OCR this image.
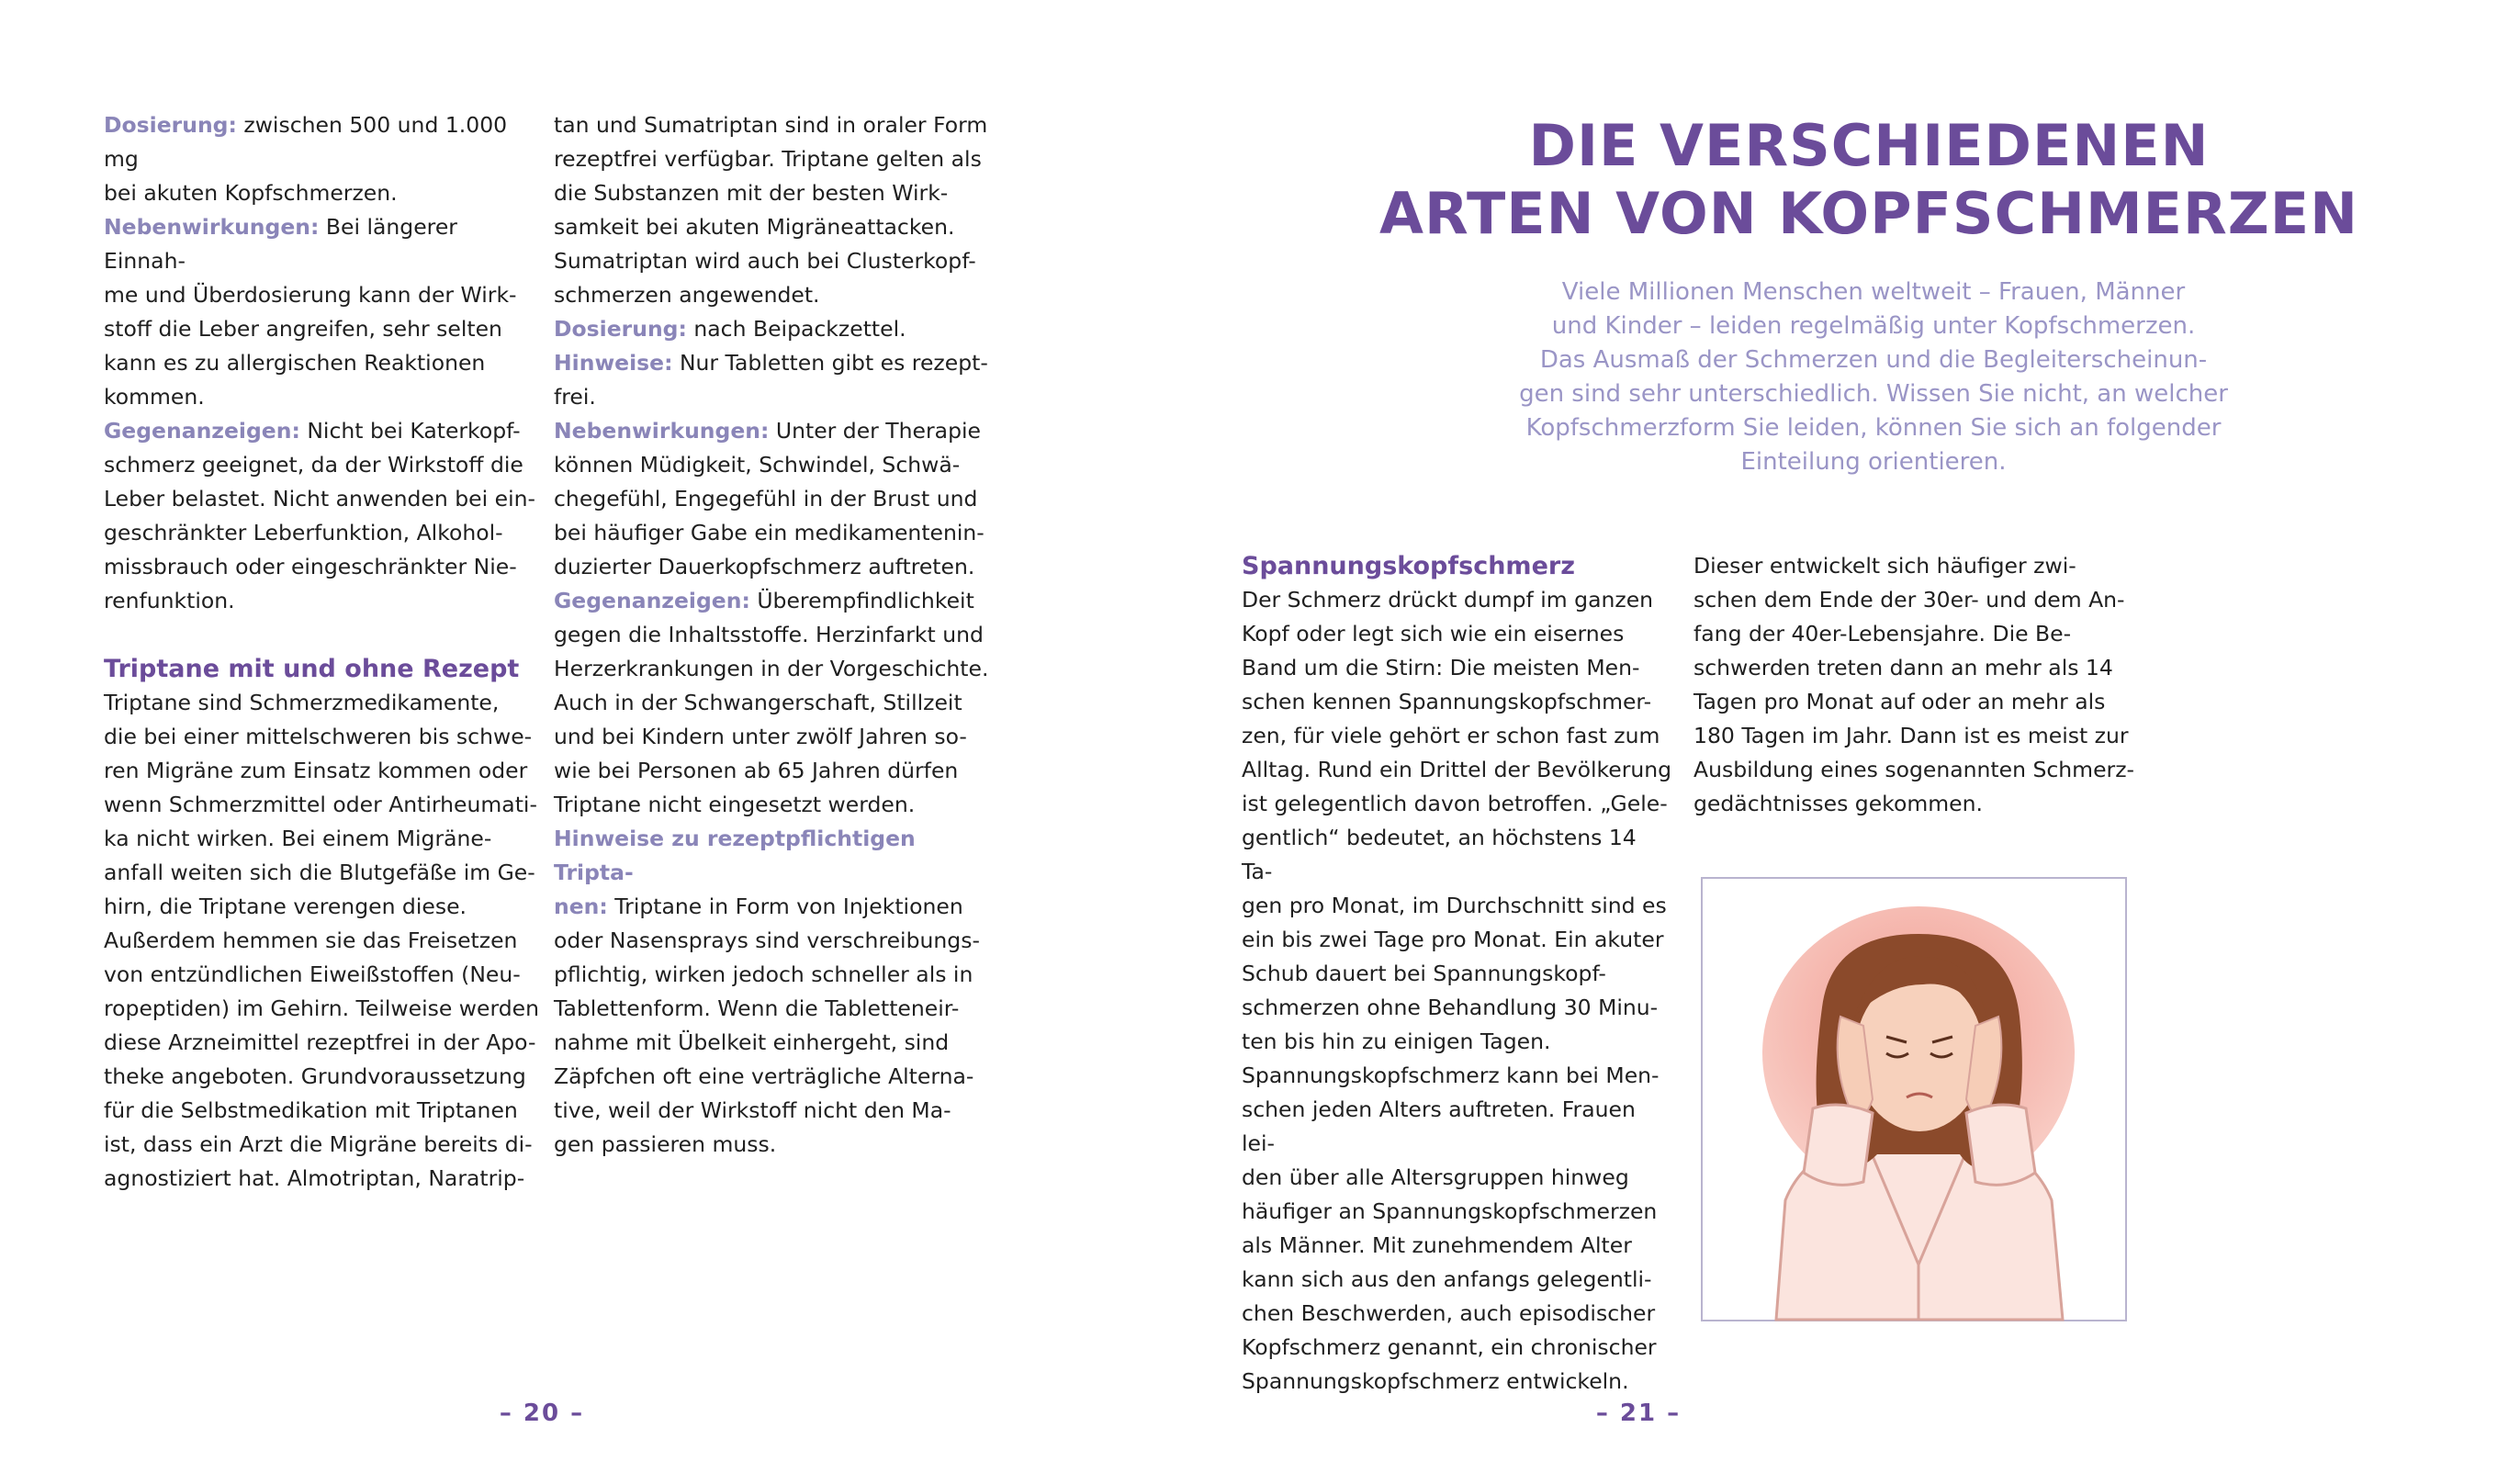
Dosierung: zwischen 500 und 1.000 mg

bei akuten Kopfschmerzen.

Nebenwirkungen: Bei längerer Einnah-

me und Überdosierung kann der Wirk-

stoff die Leber angreifen, sehr selten

kann es zu allergischen Reaktionen

kommen.

Gegenanzeigen: Nicht bei Katerkopf-

schmerz geeignet, da der Wirkstoff die

Leber belastet. Nicht anwenden bei ein-

geschränkter Leberfunktion, Alkohol-

missbrauch oder eingeschränkter Nie-

renfunktion.

Triptane mit und ohne Rezept

Triptane sind Schmerzmedikamente,

die bei einer mittelschweren bis schwe-

ren Migräne zum Einsatz kommen oder

wenn Schmerzmittel oder Antirheumati-

ka nicht wirken. Bei einem Migräne-

anfall weiten sich die Blutgefäße im Ge-

hirn, die Triptane verengen diese.

Außerdem hemmen sie das Freisetzen

von entzündlichen Eiweißstoffen (Neu-

ropeptiden) im Gehirn. Teilweise werden

diese Arzneimittel rezeptfrei in der Apo-

theke angeboten. Grundvoraussetzung

für die Selbstmedikation mit Triptanen

ist, dass ein Arzt die Migräne bereits di-

agnostiziert hat. Almotriptan, Naratrip-

tan und Sumatriptan sind in oraler Form

rezeptfrei verfügbar. Triptane gelten als

die Substanzen mit der besten Wirk-

samkeit bei akuten Migräneattacken.

Sumatriptan wird auch bei Clusterkopf-

schmerzen angewendet.

Dosierung: nach Beipackzettel.

Hinweise: Nur Tabletten gibt es rezept-

frei.

Nebenwirkungen: Unter der Therapie

können Müdigkeit, Schwindel, Schwä-

chegefühl, Engegefühl in der Brust und

bei häufiger Gabe ein medikamentenin-

duzierter Dauerkopfschmerz auftreten.

Gegenanzeigen: Überempfindlichkeit

gegen die Inhaltsstoffe. Herzinfarkt und

Herzerkrankungen in der Vorgeschichte.

Auch in der Schwangerschaft, Stillzeit

und bei Kindern unter zwölf Jahren so-

wie bei Personen ab 65 Jahren dürfen

Triptane nicht eingesetzt werden.

Hinweise zu rezeptpflichtigen Tripta-

nen: Triptane in Form von Injektionen

oder Nasensprays sind verschreibungs-

pflichtig, wirken jedoch schneller als in

Tablettenform. Wenn die Tabletteneir-

nahme mit Übelkeit einhergeht, sind

Zäpfchen oft eine verträgliche Alterna-

tive, weil der Wirkstoff nicht den Ma-

gen passieren muss.

– 20 –
DIE VERSCHIEDENEN
ARTEN VON KOPFSCHMERZEN
Viele Millionen Menschen weltweit – Frauen, Männer
und Kinder – leiden regelmäßig unter Kopfschmerzen.
Das Ausmaß der Schmerzen und die Begleiterscheinun-
gen sind sehr unterschiedlich. Wissen Sie nicht, an welcher
Kopfschmerzform Sie leiden, können Sie sich an folgender
Einteilung orientieren.

Spannungskopfschmerz

Der Schmerz drückt dumpf im ganzen

Kopf oder legt sich wie ein eisernes

Band um die Stirn: Die meisten Men-

schen kennen Spannungskopfschmer-

zen, für viele gehört er schon fast zum

Alltag. Rund ein Drittel der Bevölkerung

ist gelegentlich davon betroffen. „Gele-

gentlich“ bedeutet, an höchstens 14 Ta-

gen pro Monat, im Durchschnitt sind es

ein bis zwei Tage pro Monat. Ein akuter

Schub dauert bei Spannungskopf-

schmerzen ohne Behandlung 30 Minu-

ten bis hin zu einigen Tagen.

Spannungskopfschmerz kann bei Men-

schen jeden Alters auftreten. Frauen lei-

den über alle Altersgruppen hinweg

häufiger an Spannungskopfschmerzen

als Männer. Mit zunehmendem Alter

kann sich aus den anfangs gelegentli-

chen Beschwerden, auch episodischer

Kopfschmerz genannt, ein chronischer

Spannungskopfschmerz entwickeln.

Dieser entwickelt sich häufiger zwi-

schen dem Ende der 30er- und dem An-

fang der 40er-Lebensjahre. Die Be-

schwerden treten dann an mehr als 14

Tagen pro Monat auf oder an mehr als

180 Tagen im Jahr. Dann ist es meist zur

Ausbildung eines sogenannten Schmerz-

gedächtnisses gekommen.

– 21 –
